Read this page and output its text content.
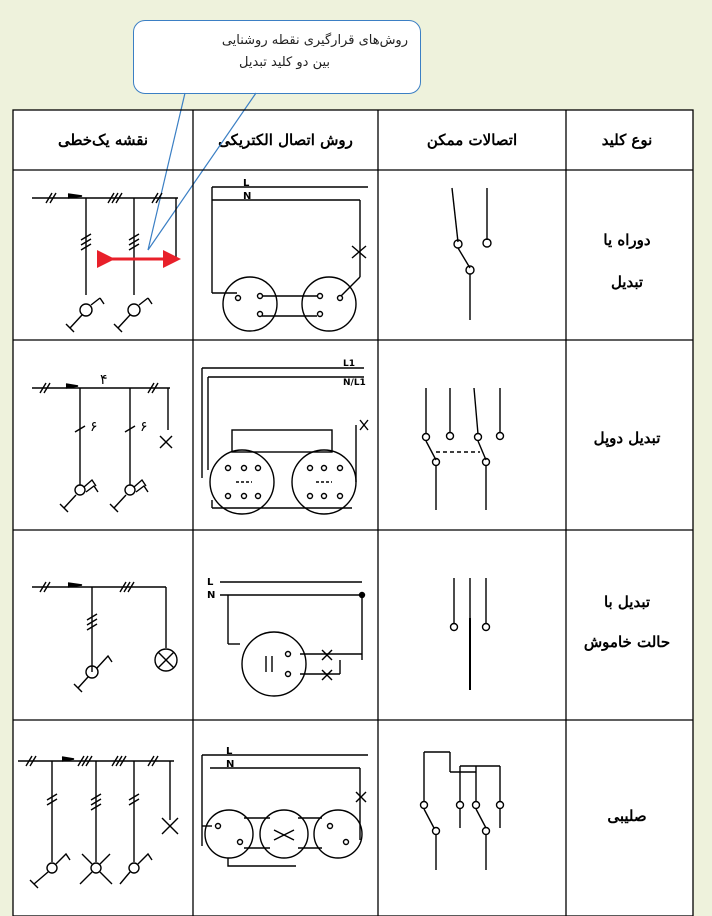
روش‌های قرارگیری نقطه روشنایی
بین دو کلید تبدیل
نقشه یک‌خطی	روش اتصال الکتریکی	اتصالات ممکن	نوع کلید
دوراه یا
تبدیل
تبدیل دوپل
تبدیل با
حالت خاموش
صلیبی
L
N
۴
۶	۶
L1
N/L1
L
N
L
N
